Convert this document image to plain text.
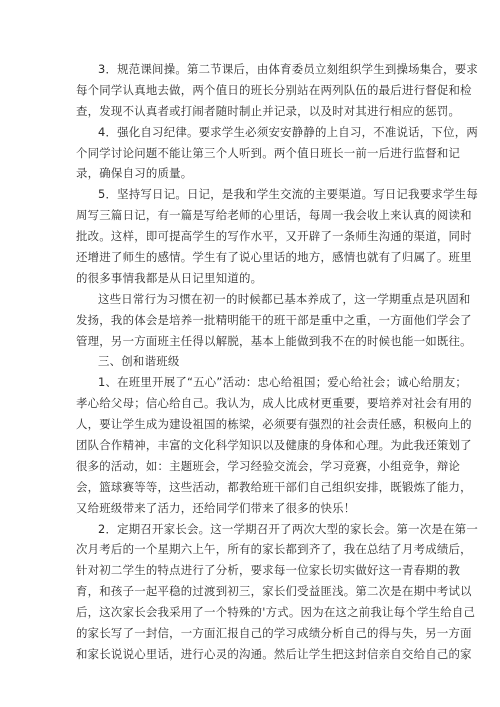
3．规范课间操。第二节课后，由体育委员立刻组织学生到操场集合，要求
每个同学认真地去做，两个值日的班长分别站在两列队伍的最后进行督促和检
查，发现不认真者或打闹者随时制止并记录，以及时对其进行相应的惩罚。
4．强化自习纪律。要求学生必须安安静静的上自习，不准说话，下位，两
个同学讨论问题不能让第三个人听到。两个值日班长一前一后进行监督和记
录，确保自习的质量。
5．坚持写日记。日记，是我和学生交流的主要渠道。写日记我要求学生每
周写三篇日记，有一篇是写给老师的心里话，每周一我会收上来认真的阅读和
批改。这样，即可提高学生的写作水平，又开辟了一条师生沟通的渠道，同时
还增进了师生的感情。学生有了说心里话的地方，感情也就有了归属了。班里
的很多事情我都是从日记里知道的。
这些日常行为习惯在初一的时候都已基本养成了，这一学期重点是巩固和
发扬，我的体会是培养一批精明能干的班干部是重中之重，一方面他们学会了
管理，另一方面班主任得以解脱，基本上能做到我不在的时候也能一如既往。
三、创和谐班级
1、在班里开展了“五心”活动：忠心给祖国；爱心给社会；诚心给朋友；
孝心给父母；信心给自己。我认为，成人比成材更重要，要培养对社会有用的
人，要让学生成为建设祖国的栋梁，必须要有强烈的社会责任感，积极向上的
团队合作精神，丰富的文化科学知识以及健康的身体和心理。为此我还策划了
很多的活动，如：主题班会，学习经验交流会，学习竞赛，小组竞争，辩论
会，篮球赛等等，这些活动，都教给班干部们自己组织安排，既锻炼了能力，
又给班级带来了活力，还给同学们带来了很多的快乐！
2．定期召开家长会。这一学期召开了两次大型的家长会。第一次是在第一
次月考后的一个星期六上午，所有的家长都到齐了，我在总结了月考成绩后，
针对初二学生的特点进行了分析，要求每一位家长切实做好这一青春期的教
育，和孩子一起平稳的过渡到初三，家长们受益匪浅。第二次是在期中考试以
后，这次家长会我采用了一个特殊的'方式。因为在这之前我让每个学生给自己
的家长写了一封信，一方面汇报自己的学习成绩分析自己的得与失，另一方面
和家长说说心里话，进行心灵的沟通。然后让学生把这封信亲自交给自己的家
